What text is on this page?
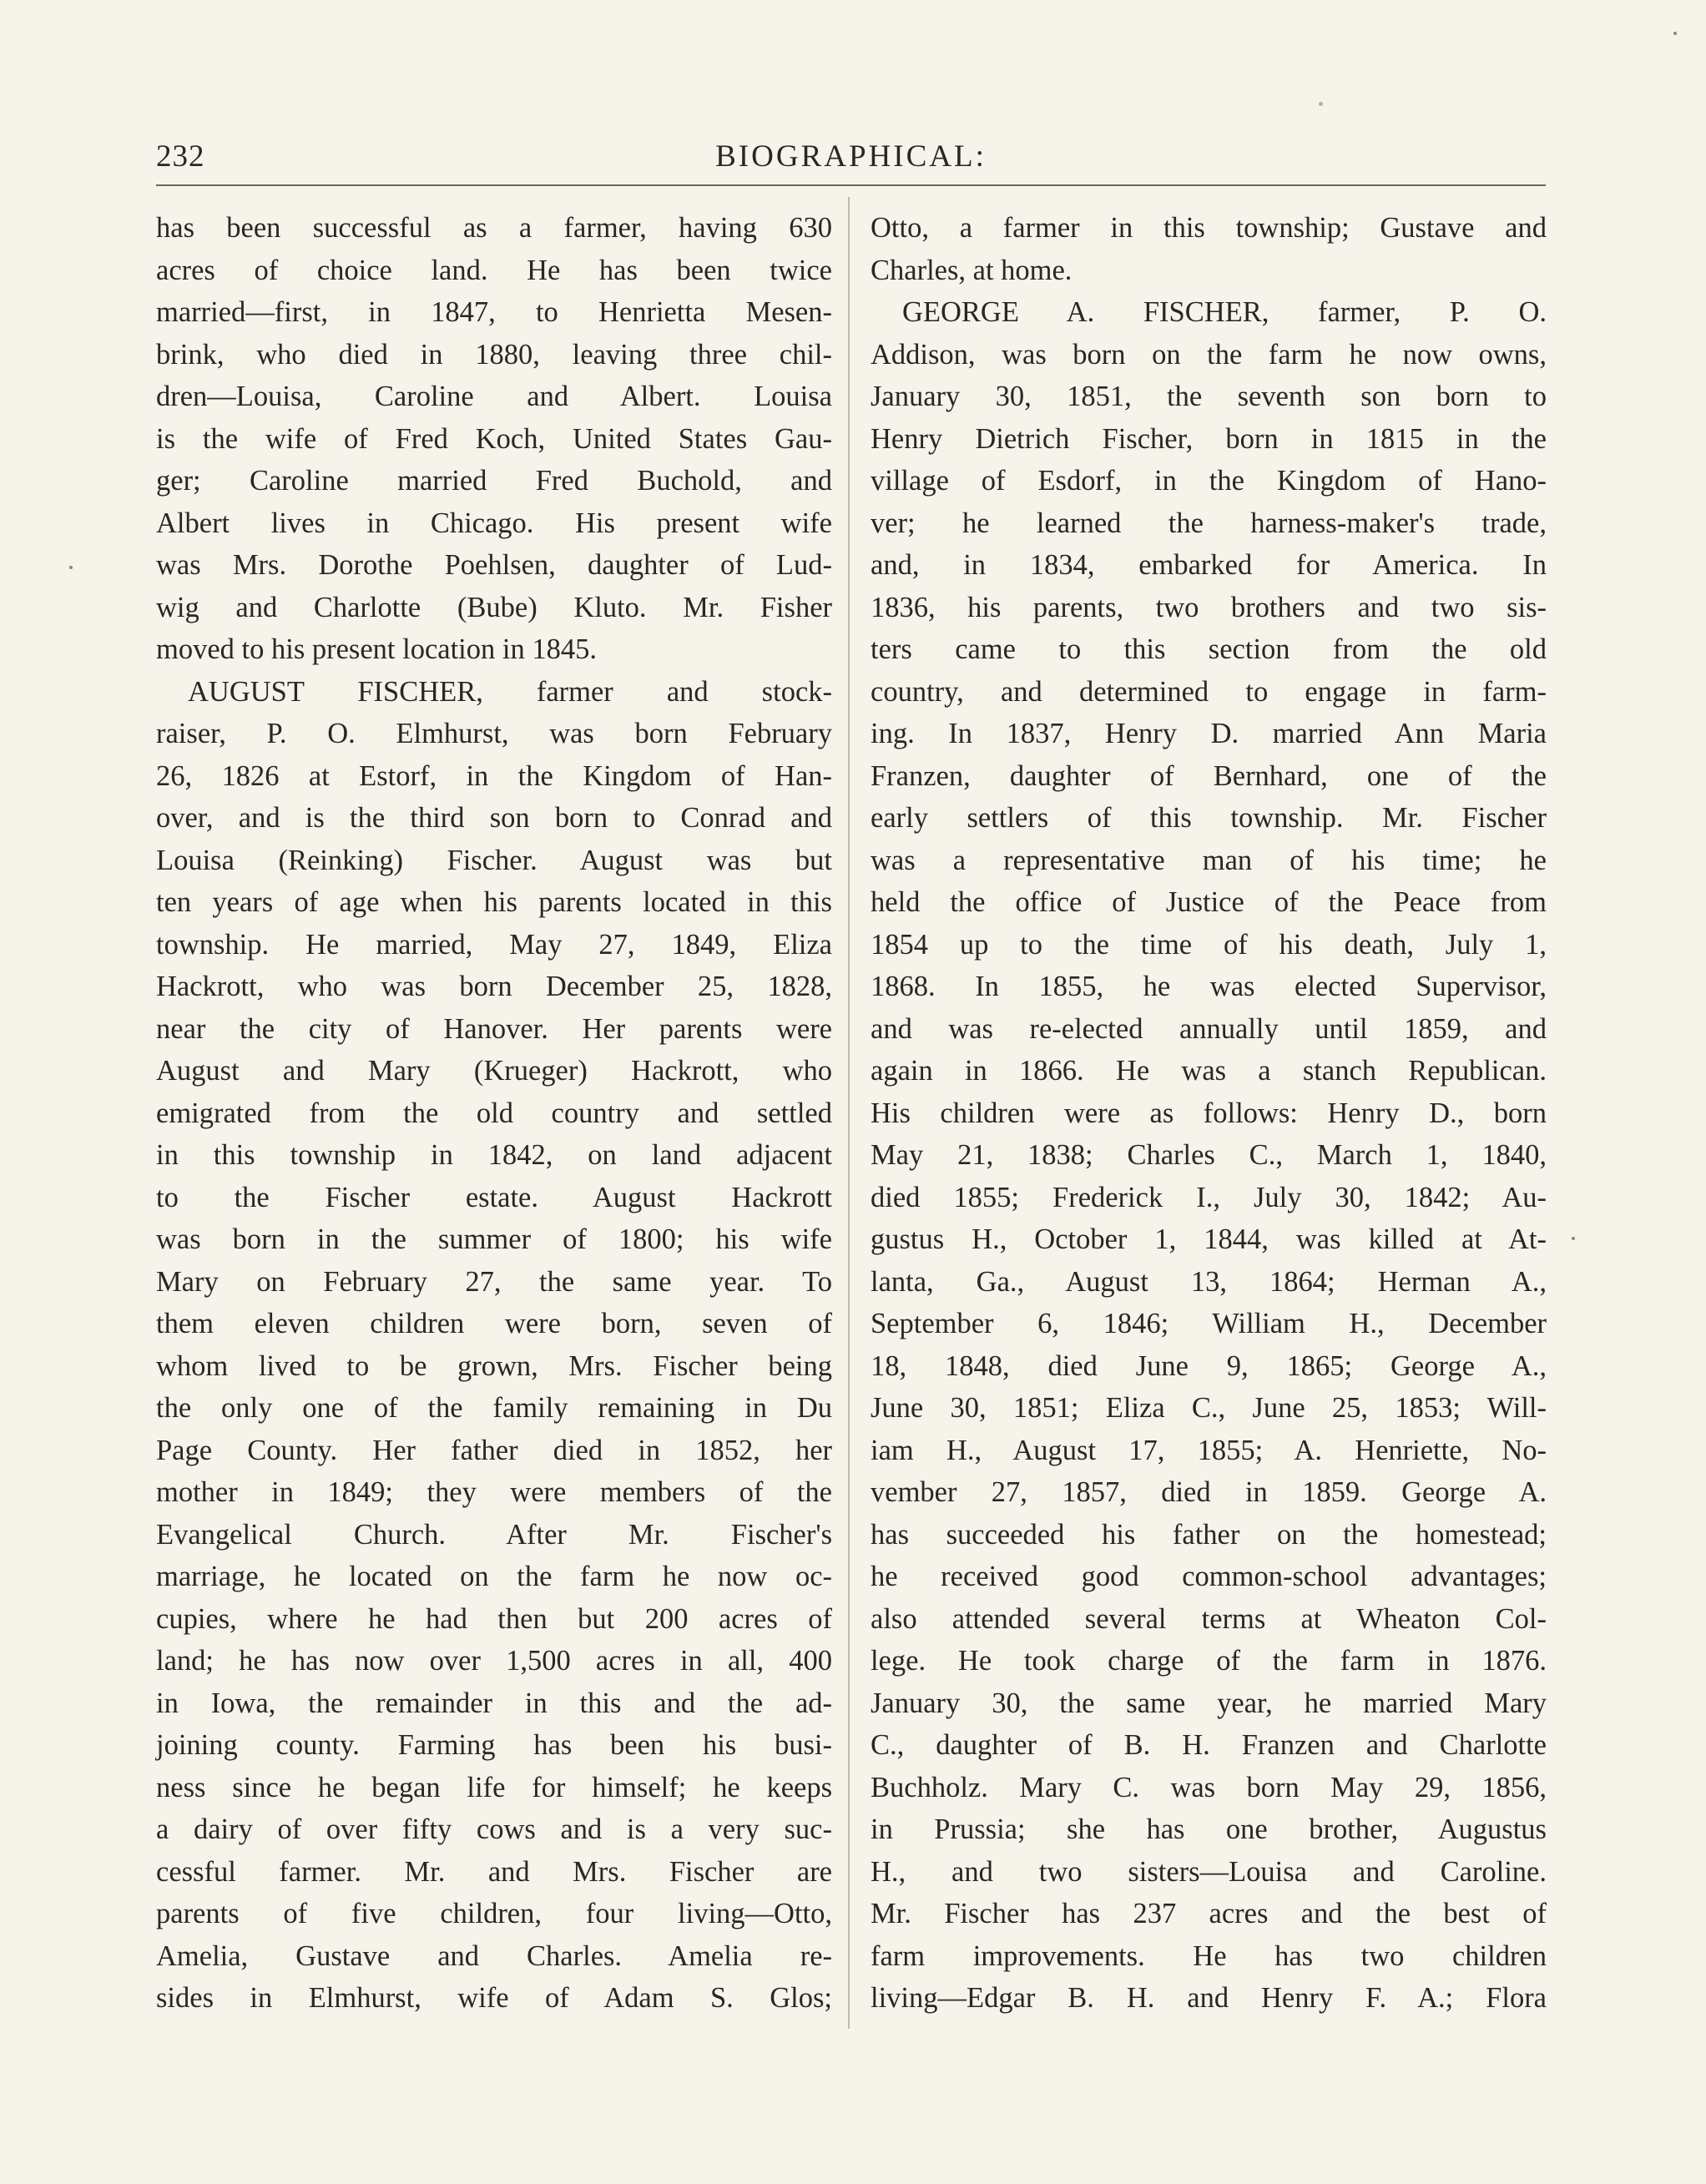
232	BIOGRAPHICAL:
has been successful as a farmer, having 630
acres of choice land. He has been twice
married—first, in 1847, to Henrietta Mesen-
brink, who died in 1880, leaving three chil-
dren—Louisa, Caroline and Albert. Louisa
is the wife of Fred Koch, United States Gau-
ger; Caroline married Fred Buchold, and
Albert lives in Chicago. His present wife
was Mrs. Dorothe Poehlsen, daughter of Lud-
wig and Charlotte (Bube) Kluto. Mr. Fisher
moved to his present location in 1845.
AUGUST FISCHER, farmer and stock-
raiser, P. O. Elmhurst, was born February
26, 1826 at Estorf, in the Kingdom of Han-
over, and is the third son born to Conrad and
Louisa (Reinking) Fischer. August was but
ten years of age when his parents located in this
township. He married, May 27, 1849, Eliza
Hackrott, who was born December 25, 1828,
near the city of Hanover. Her parents were
August and Mary (Krueger) Hackrott, who
emigrated from the old country and settled
in this township in 1842, on land adjacent
to the Fischer estate. August Hackrott
was born in the summer of 1800; his wife
Mary on February 27, the same year. To
them eleven children were born, seven of
whom lived to be grown, Mrs. Fischer being
the only one of the family remaining in Du
Page County. Her father died in 1852, her
mother in 1849; they were members of the
Evangelical Church. After Mr. Fischer's
marriage, he located on the farm he now oc-
cupies, where he had then but 200 acres of
land; he has now over 1,500 acres in all, 400
in Iowa, the remainder in this and the ad-
joining county. Farming has been his busi-
ness since he began life for himself; he keeps
a dairy of over fifty cows and is a very suc-
cessful farmer. Mr. and Mrs. Fischer are
parents of five children, four living—Otto,
Amelia, Gustave and Charles. Amelia re-
sides in Elmhurst, wife of Adam S. Glos;
Otto, a farmer in this township; Gustave and
Charles, at home.
GEORGE A. FISCHER, farmer, P. O.
Addison, was born on the farm he now owns,
January 30, 1851, the seventh son born to
Henry Dietrich Fischer, born in 1815 in the
village of Esdorf, in the Kingdom of Hano-
ver; he learned the harness-maker's trade,
and, in 1834, embarked for America. In
1836, his parents, two brothers and two sis-
ters came to this section from the old
country, and determined to engage in farm-
ing. In 1837, Henry D. married Ann Maria
Franzen, daughter of Bernhard, one of the
early settlers of this township. Mr. Fischer
was a representative man of his time; he
held the office of Justice of the Peace from
1854 up to the time of his death, July 1,
1868. In 1855, he was elected Supervisor,
and was re-elected annually until 1859, and
again in 1866. He was a stanch Republican.
His children were as follows: Henry D., born
May 21, 1838; Charles C., March 1, 1840,
died 1855; Frederick I., July 30, 1842; Au-
gustus H., October 1, 1844, was killed at At-
lanta, Ga., August 13, 1864; Herman A.,
September 6, 1846; William H., December
18, 1848, died June 9, 1865; George A.,
June 30, 1851; Eliza C., June 25, 1853; Will-
iam H., August 17, 1855; A. Henriette, No-
vember 27, 1857, died in 1859. George A.
has succeeded his father on the homestead;
he received good common-school advantages;
also attended several terms at Wheaton Col-
lege. He took charge of the farm in 1876.
January 30, the same year, he married Mary
C., daughter of B. H. Franzen and Charlotte
Buchholz. Mary C. was born May 29, 1856,
in Prussia; she has one brother, Augustus
H., and two sisters—Louisa and Caroline.
Mr. Fischer has 237 acres and the best of
farm improvements. He has two children
living—Edgar B. H. and Henry F. A.; Flora
